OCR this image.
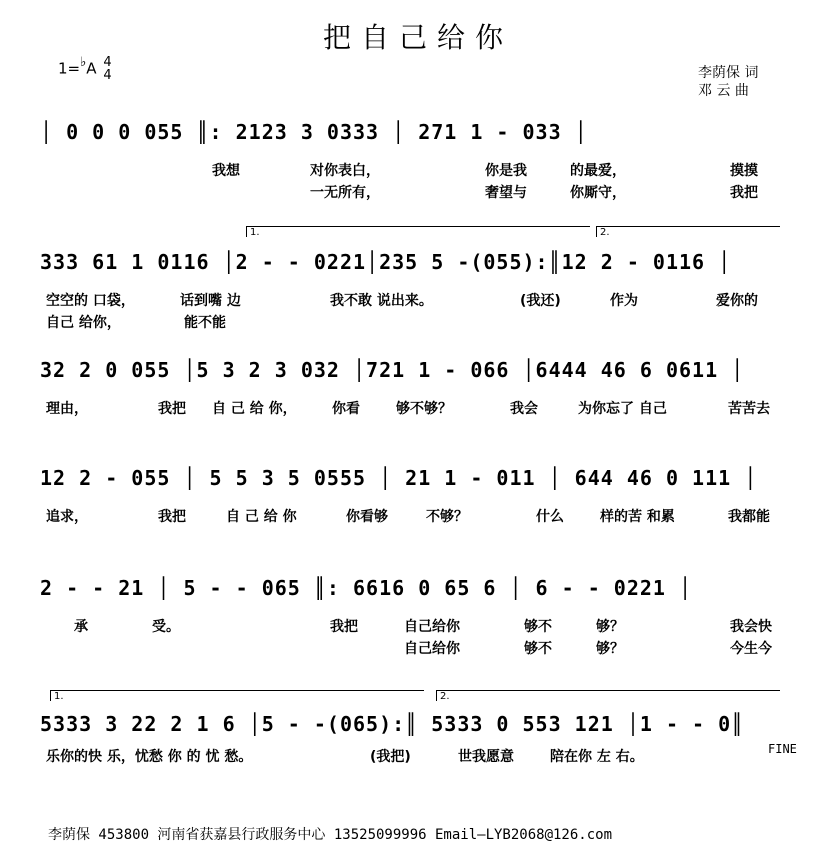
把自己给你
1=♭A 4
4	李荫保 词
邓 云 曲
│ 0 0 0 055 ║: 2123 3 0333 │ 271 1 - 033 │
我想	对你表白，	你是我	的最爱，	摸摸
一无所有，	奢望与	你厮守，	我把
1.	2.
333 61 1 0116 │2 - - 0221│235 5 -(055):║12 2 - 0116 │
空空的 口袋，	话到嘴 边	我不敢 说出来。	(我还)	作为	爱你的
自己 给你，	能不能
32 2 0 055 │5 3 2 3 032 │721 1 - 066 │6444 46 6 0611 │
理由，	我把 自 己 给 你，	你看	够不够？	我会	为你忘了 自己	苦苦去
12 2 - 055 │ 5 5 3 5 0555 │ 21 1 - 011 │ 644 46 0 111 │
追求，	我把	自 己 给 你	你看够	不够？	什么	样的苦 和累	我都能
2 - - 21 │ 5 - - 065 ║: 6616 0 65 6 │ 6 - - 0221 │
承	受。	我把	自己给你	够不	够？	我会快
自己给你	够不	够？	今生今
1.	2.
5333 3 22 2 1 6 │5 - -(065):║ 5333 0 553 121 │1 - - 0║
乐你的快 乐，忧愁 你 的 忧 愁。	(我把)	世我愿意	陪在你 左 右。	FINE
李荫保 453800 河南省获嘉县行政服务中心 13525099996 Email—LYB2068@126.com
